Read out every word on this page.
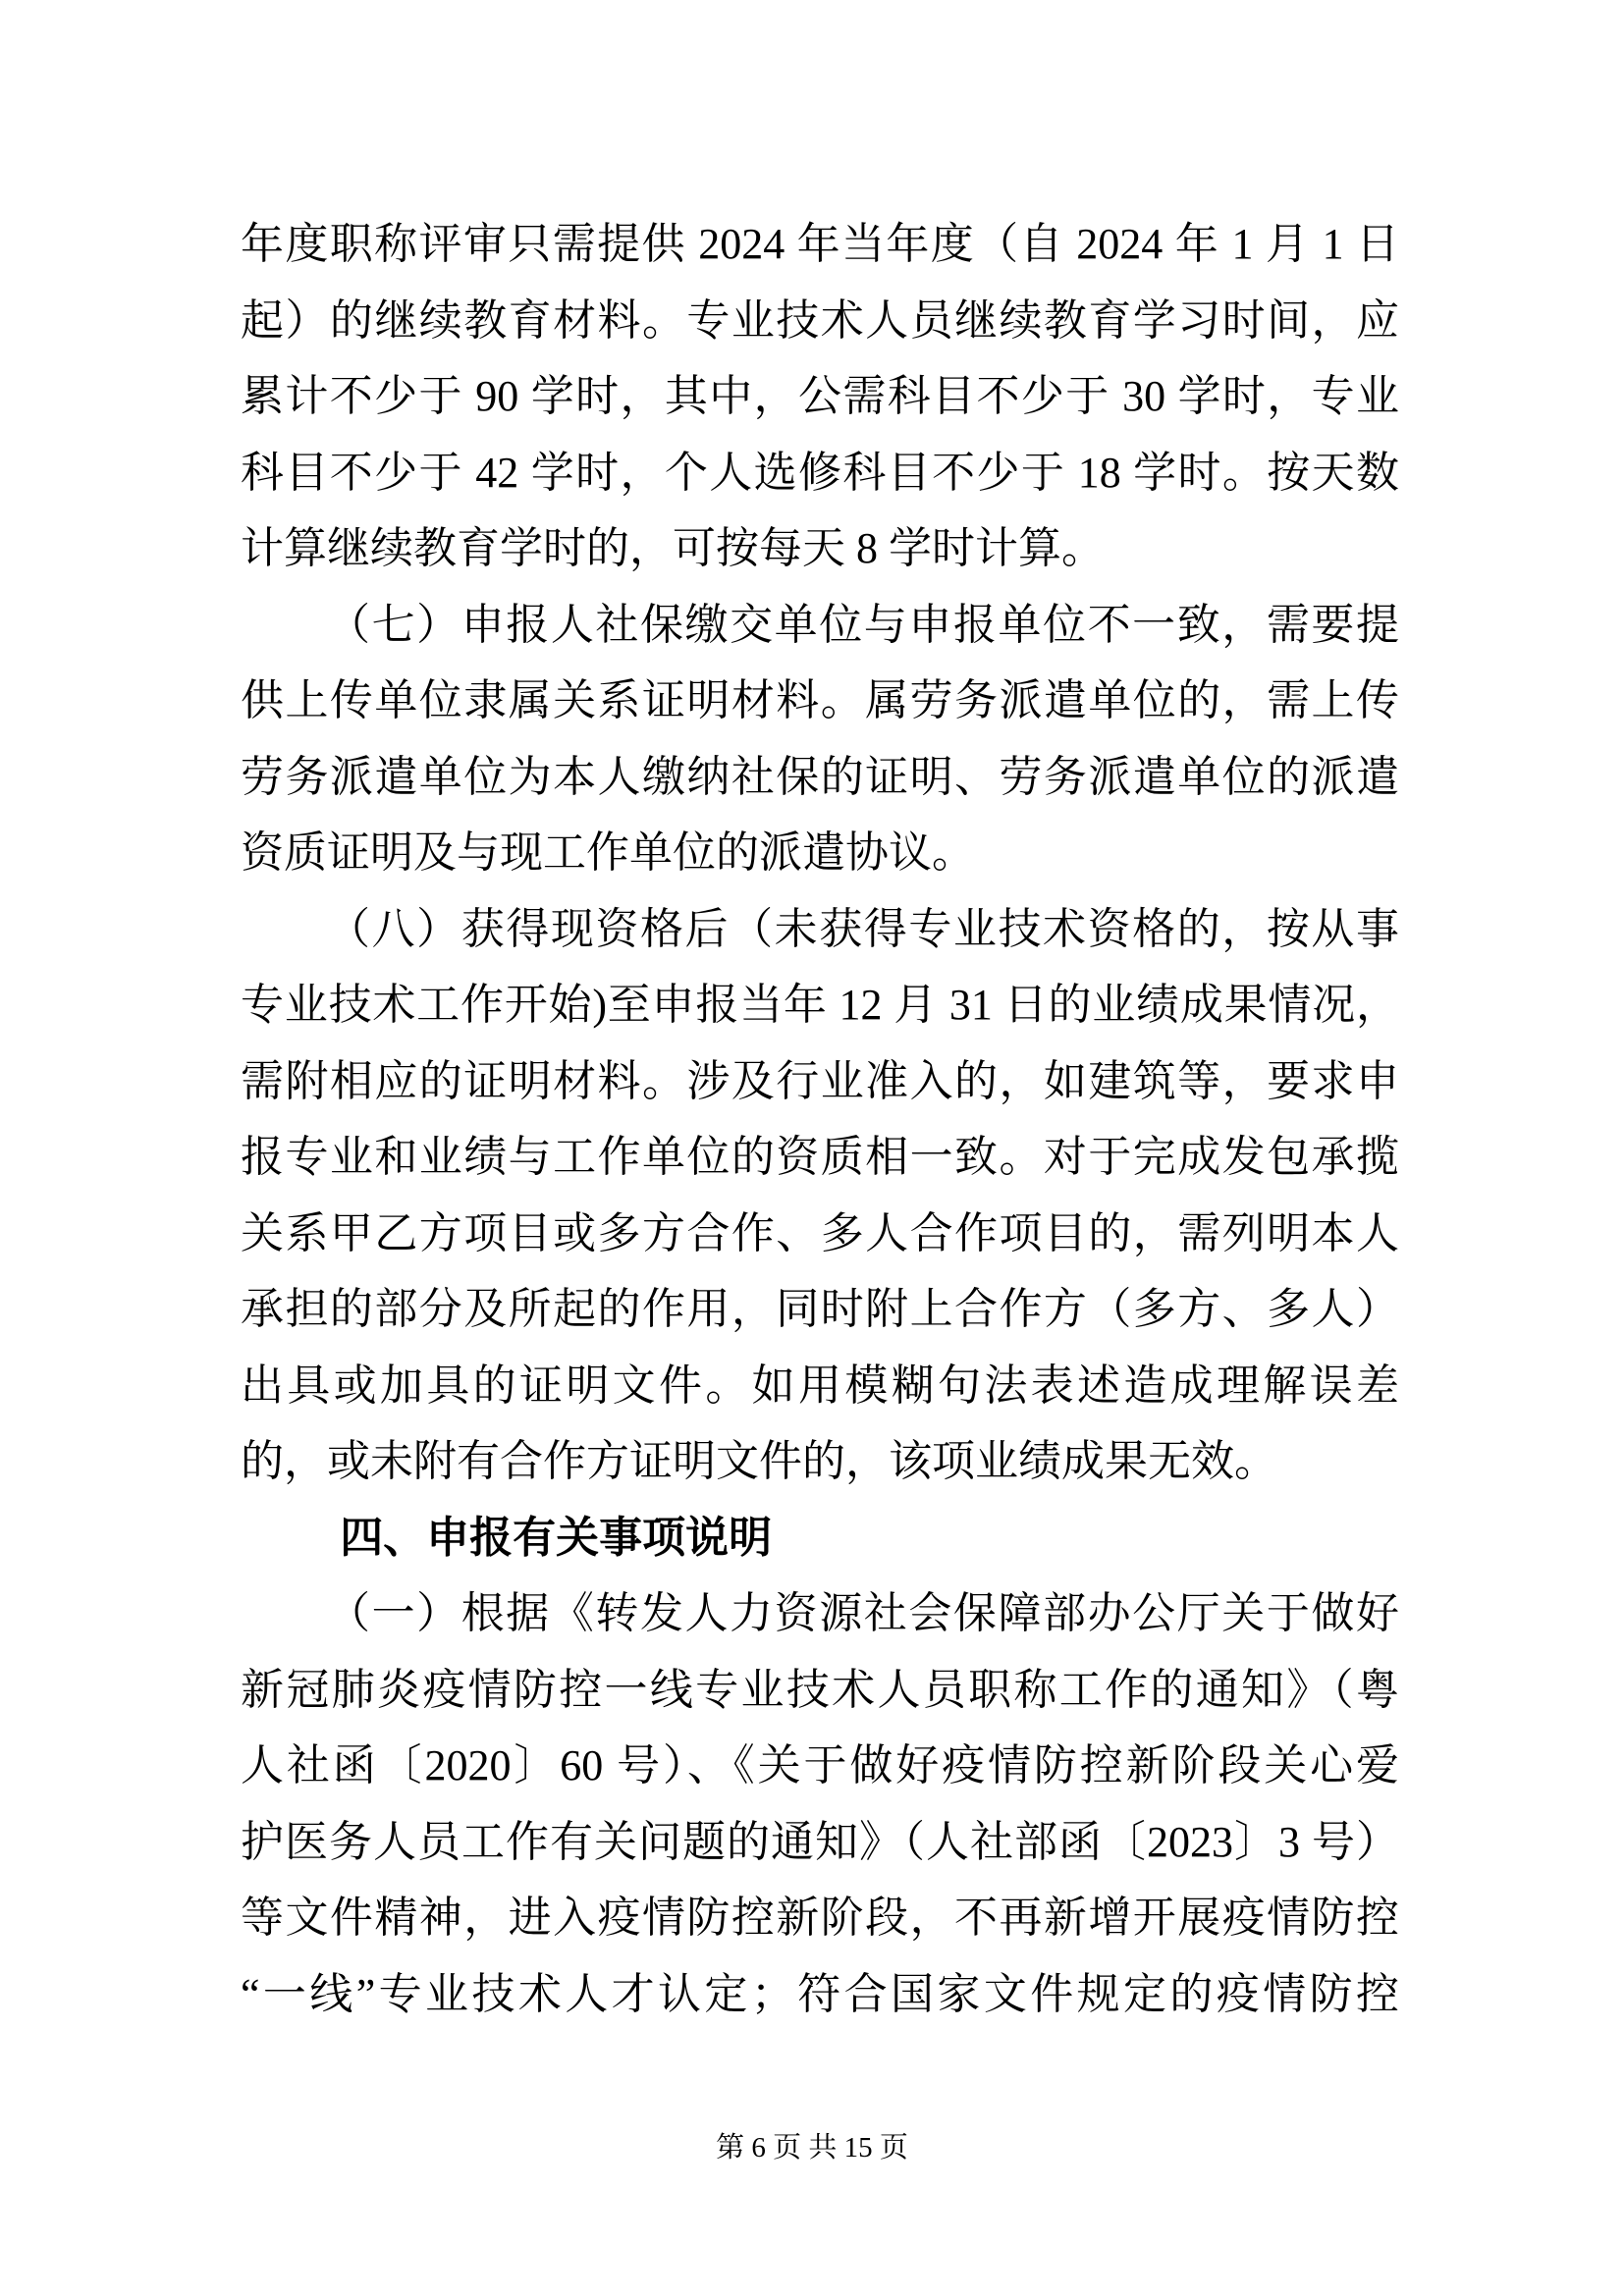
年度职称评审只需提供 2024 年当年度（自 2024 年 1 月 1 日
起）的继续教育材料。专业技术人员继续教育学习时间，应
累计不少于 90 学时，其中，公需科目不少于 30 学时，专业
科目不少于 42 学时，个人选修科目不少于 18 学时。按天数
计算继续教育学时的，可按每天 8 学时计算。
（七）申报人社保缴交单位与申报单位不一致，需要提
供上传单位隶属关系证明材料。属劳务派遣单位的，需上传
劳务派遣单位为本人缴纳社保的证明、劳务派遣单位的派遣
资质证明及与现工作单位的派遣协议。
（八）获得现资格后（未获得专业技术资格的，按从事
专业技术工作开始)至申报当年 12 月 31 日的业绩成果情况，
需附相应的证明材料。涉及行业准入的，如建筑等，要求申
报专业和业绩与工作单位的资质相一致。对于完成发包承揽
关系甲乙方项目或多方合作、多人合作项目的，需列明本人
承担的部分及所起的作用，同时附上合作方（多方、多人）
出具或加具的证明文件。如用模糊句法表述造成理解误差
的，或未附有合作方证明文件的，该项业绩成果无效。
四、申报有关事项说明
（一）根据《转发人力资源社会保障部办公厅关于做好
新冠肺炎疫情防控一线专业技术人员职称工作的通知》（粤
人社函〔2020〕60 号）、《关于做好疫情防控新阶段关心爱
护医务人员工作有关问题的通知》（人社部函〔2023〕3 号）
等文件精神，进入疫情防控新阶段，不再新增开展疫情防控
“一线”专业技术人才认定；符合国家文件规定的疫情防控
第 6 页 共 15 页
